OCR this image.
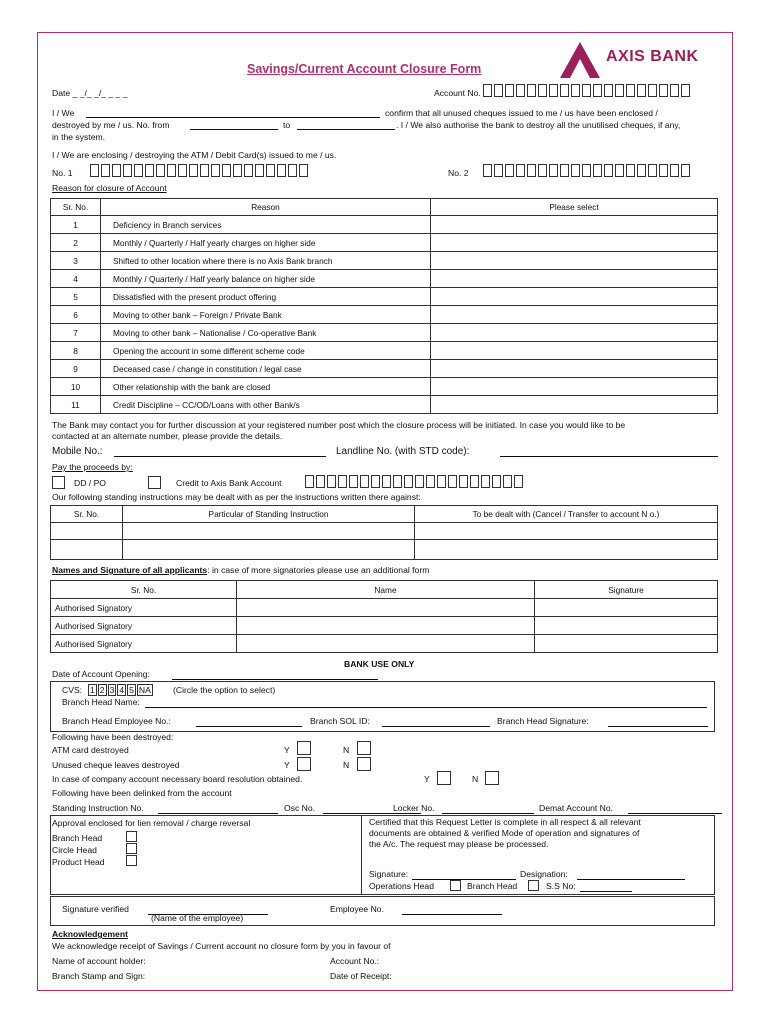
Savings/Current Account Closure Form
AXIS BANK
Date _ _/_ _/_ _ _ _	Account No.
I / We	confirm that all unused cheques issued to me / us have been enclosed /
destroyed by me / us. No. from	to	. I / We also authorise the bank to destroy all the unutilised cheques, if any,
in the system.
I / We are enclosing / destroying the ATM / Debit Card(s) issued to me / us.
No. 1	No. 2
Reason for closure of Account
Sr. No.	Reason	Please select
1	Deficiency in Branch services	
2	Monthly / Quarterly / Half yearly charges on higher side	
3	Shifted to other location where there is no Axis Bank branch	
4	Monthly / Quarterly / Half yearly balance on higher side	
5	Dissatisfied with the present product offering	
6	Moving to other bank – Foreign / Private Bank	
7	Moving to other bank – Nationalise / Co-operative Bank	
8	Opening the account in some different scheme code	
9	Deceased case / change in constitution / legal case	
10	Other relationship with the bank are closed	
11	Credit Discipline – CC/OD/Loans with other Bank/s	
The Bank may contact you for further discussion at your registered number post which the closure process will be initiated. In case you would like to be
contacted at an alternate number, please provide the details.
Mobile No.:	Landline No. (with STD code):
Pay the proceeds by:
DD / PO	Credit to Axis Bank Account
Our following standing instructions may be dealt with as per the instructions written there against:
Sr. No.	Particular of Standing Instruction	To be dealt with (Cancel / Transfer to account N o.)

Names and Signature of all applicants: in case of more signatories please use an additional form
Sr. No.	Name	Signature
Authorised Signatory		
Authorised Signatory		
Authorised Signatory		
BANK USE ONLY
Date of Account Opening:
CVS: 1 2 3 4 5 NA	(Circle the option to select)
Branch Head Name:
Branch Head Employee No.:	Branch SOL ID:	Branch Head Signature:
Following have been destroyed:
ATM card destroyed	Y	N
Unused cheque leaves destroyed	Y	N
In case of company account necessary board resolution obtained.	Y	N
Following have been delinked from the account
Standing Instruction No.	Osc No.	Locker No.	Demat Account No.
Approval enclosed for lien removal / charge reversal
Branch Head
Circle Head
Product Head
Certified that this Request Letter is complete in all respect & all relevant
documents are obtained & verified Mode of operation and signatures of
the A/c. The request may please be processed.
Signature:	Designation:
Operations Head	Branch Head	S.S No:
Signature verified
(Name of the employee)
Employee No.
Acknowledgement
We acknowledge receipt of Savings / Current account no closure form by you in favour of
Name of account holder:	Account No.:
Branch Stamp and Sign:	Date of Receipt:
